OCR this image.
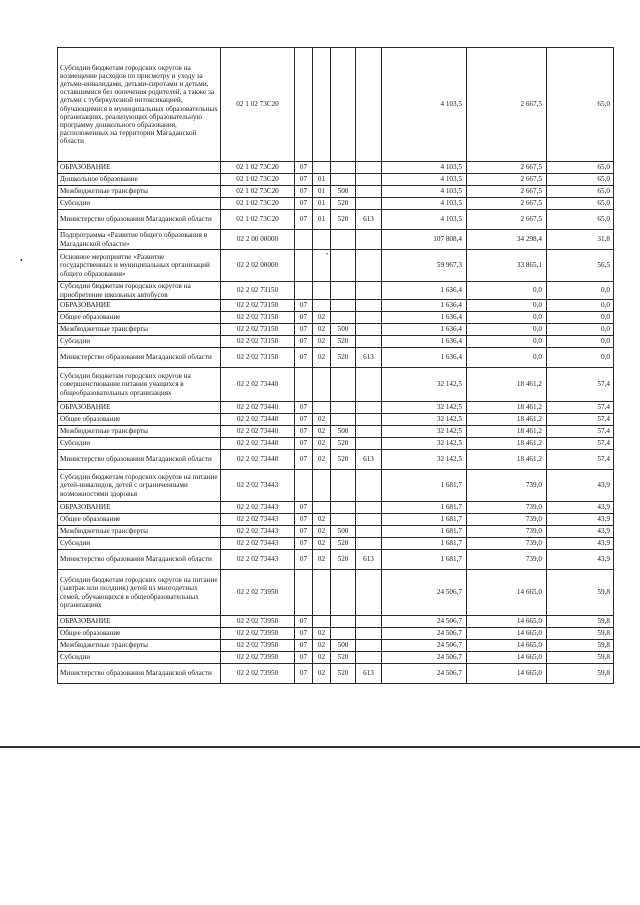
•
•
Субсидии бюджетам городских округов на возмещение расходов по присмотру и уходу за детьми-инвалидами, детьми-сиротами и детьми, оставшимися без попечения родителей, а также за детьми с туберкулезной интоксикацией, обучающимися в муниципальных образовательных организациях, реализующих образовательную программу дошкольного образования, расположенных на территории Магаданской области	02 1 02 73С20					4 103,5	2 667,5	65,0
ОБРАЗОВАНИЕ	02 1 02 73С20	07				4 103,5	2 667,5	65,0
Дошкольное образование	02 1 02 73С20	07	01			4 103,5	2 667,5	65,0
Межбюджетные трансферты	02 1 02 73С20	07	01	500		4 103,5	2 667,5	65,0
Субсидии	02 1 02 73С20	07	01	520		4 103,5	2 667,5	65,0
Министерство образования Магаданской области	02 1 02 73С20	07	01	520	613	4 103,5	2 667,5	65,0
Подпрограмма «Развитие общего образования в Магаданской области»	02 2 00 00000					107 808,4	34 298,4	31,8
Основное мероприятие «Развитие государственных и муниципальных организаций общего образования»	02 2 02 00000					59 967,3	33 865,1	56,5
Субсидии бюджетам городских округов на приобретение школьных автобусов	02 2 02 73150					1 636,4	0,0	0,0
ОБРАЗОВАНИЕ	02 2 02 73150	07				1 636,4	0,0	0,0
Общее образование	02 2 02 73150	07	02			1 636,4	0,0	0,0
Межбюджетные трансферты	02 2 02 73150	07	02	500		1 636,4	0,0	0,0
Субсидии	02 2 02 73150	07	02	520		1 636,4	0,0	0,0
Министерство образования Магаданской области	02 2 02 73150	07	02	520	613	1 636,4	0,0	0,0
Субсидии бюджетам городских округов на совершенствование питания учащихся в общеобразовательных организациях	02 2 02 73440					32 142,5	18 461,2	57,4
ОБРАЗОВАНИЕ	02 2 02 73440	07				32 142,5	18 461,2	57,4
Общее образование	02 2 02 73440	07	02			32 142,5	18 461,2	57,4
Межбюджетные трансферты	02 2 02 73440	07	02	500		32 142,5	18 461,2	57,4
Субсидии	02 2 02 73440	07	02	520		32 142,5	18 461,2	57,4
Министерство образования Магаданской области	02 2 02 73440	07	02	520	613	32 142,5	18 461,2	57,4
Субсидии бюджетам городских округов на питание детей-инвалидов, детей с ограниченными возможностями здоровья	02 2 02 73443					1 681,7	739,0	43,9
ОБРАЗОВАНИЕ	02 2 02 73443	07				1 681,7	739,0	43,9
Общее образование	02 2 02 73443	07	02			1 681,7	739,0	43,9
Межбюджетные трансферты	02 2 02 73443	07	02	500		1 681,7	739,0	43,9
Субсидии	02 2 02 73443	07	02	520		1 681,7	739,0	43,9
Министерство образования Магаданской области	02 2 02 73443	07	02	520	613	1 681,7	739,0	43,9
Субсидии бюджетам городских округов на питание (завтрак или полдник) детей из многодетных семей, обучающихся в общеобразовательных организациях	02 2 02 73950					24 506,7	14 665,0	59,8
ОБРАЗОВАНИЕ	02 2 02 73950	07				24 506,7	14 665,0	59,8
Общее образование	02 2 02 73950	07	02			24 506,7	14 665,0	59,8
Межбюджетные трансферты	02 2 02 73950	07	02	500		24 506,7	14 665,0	59,8
Субсидии	02 2 02 73950	07	02	520		24 506,7	14 665,0	59,8
Министерство образования Магаданской области	02 2 02 73950	07	02	520	613	24 506,7	14 665,0	59,8
